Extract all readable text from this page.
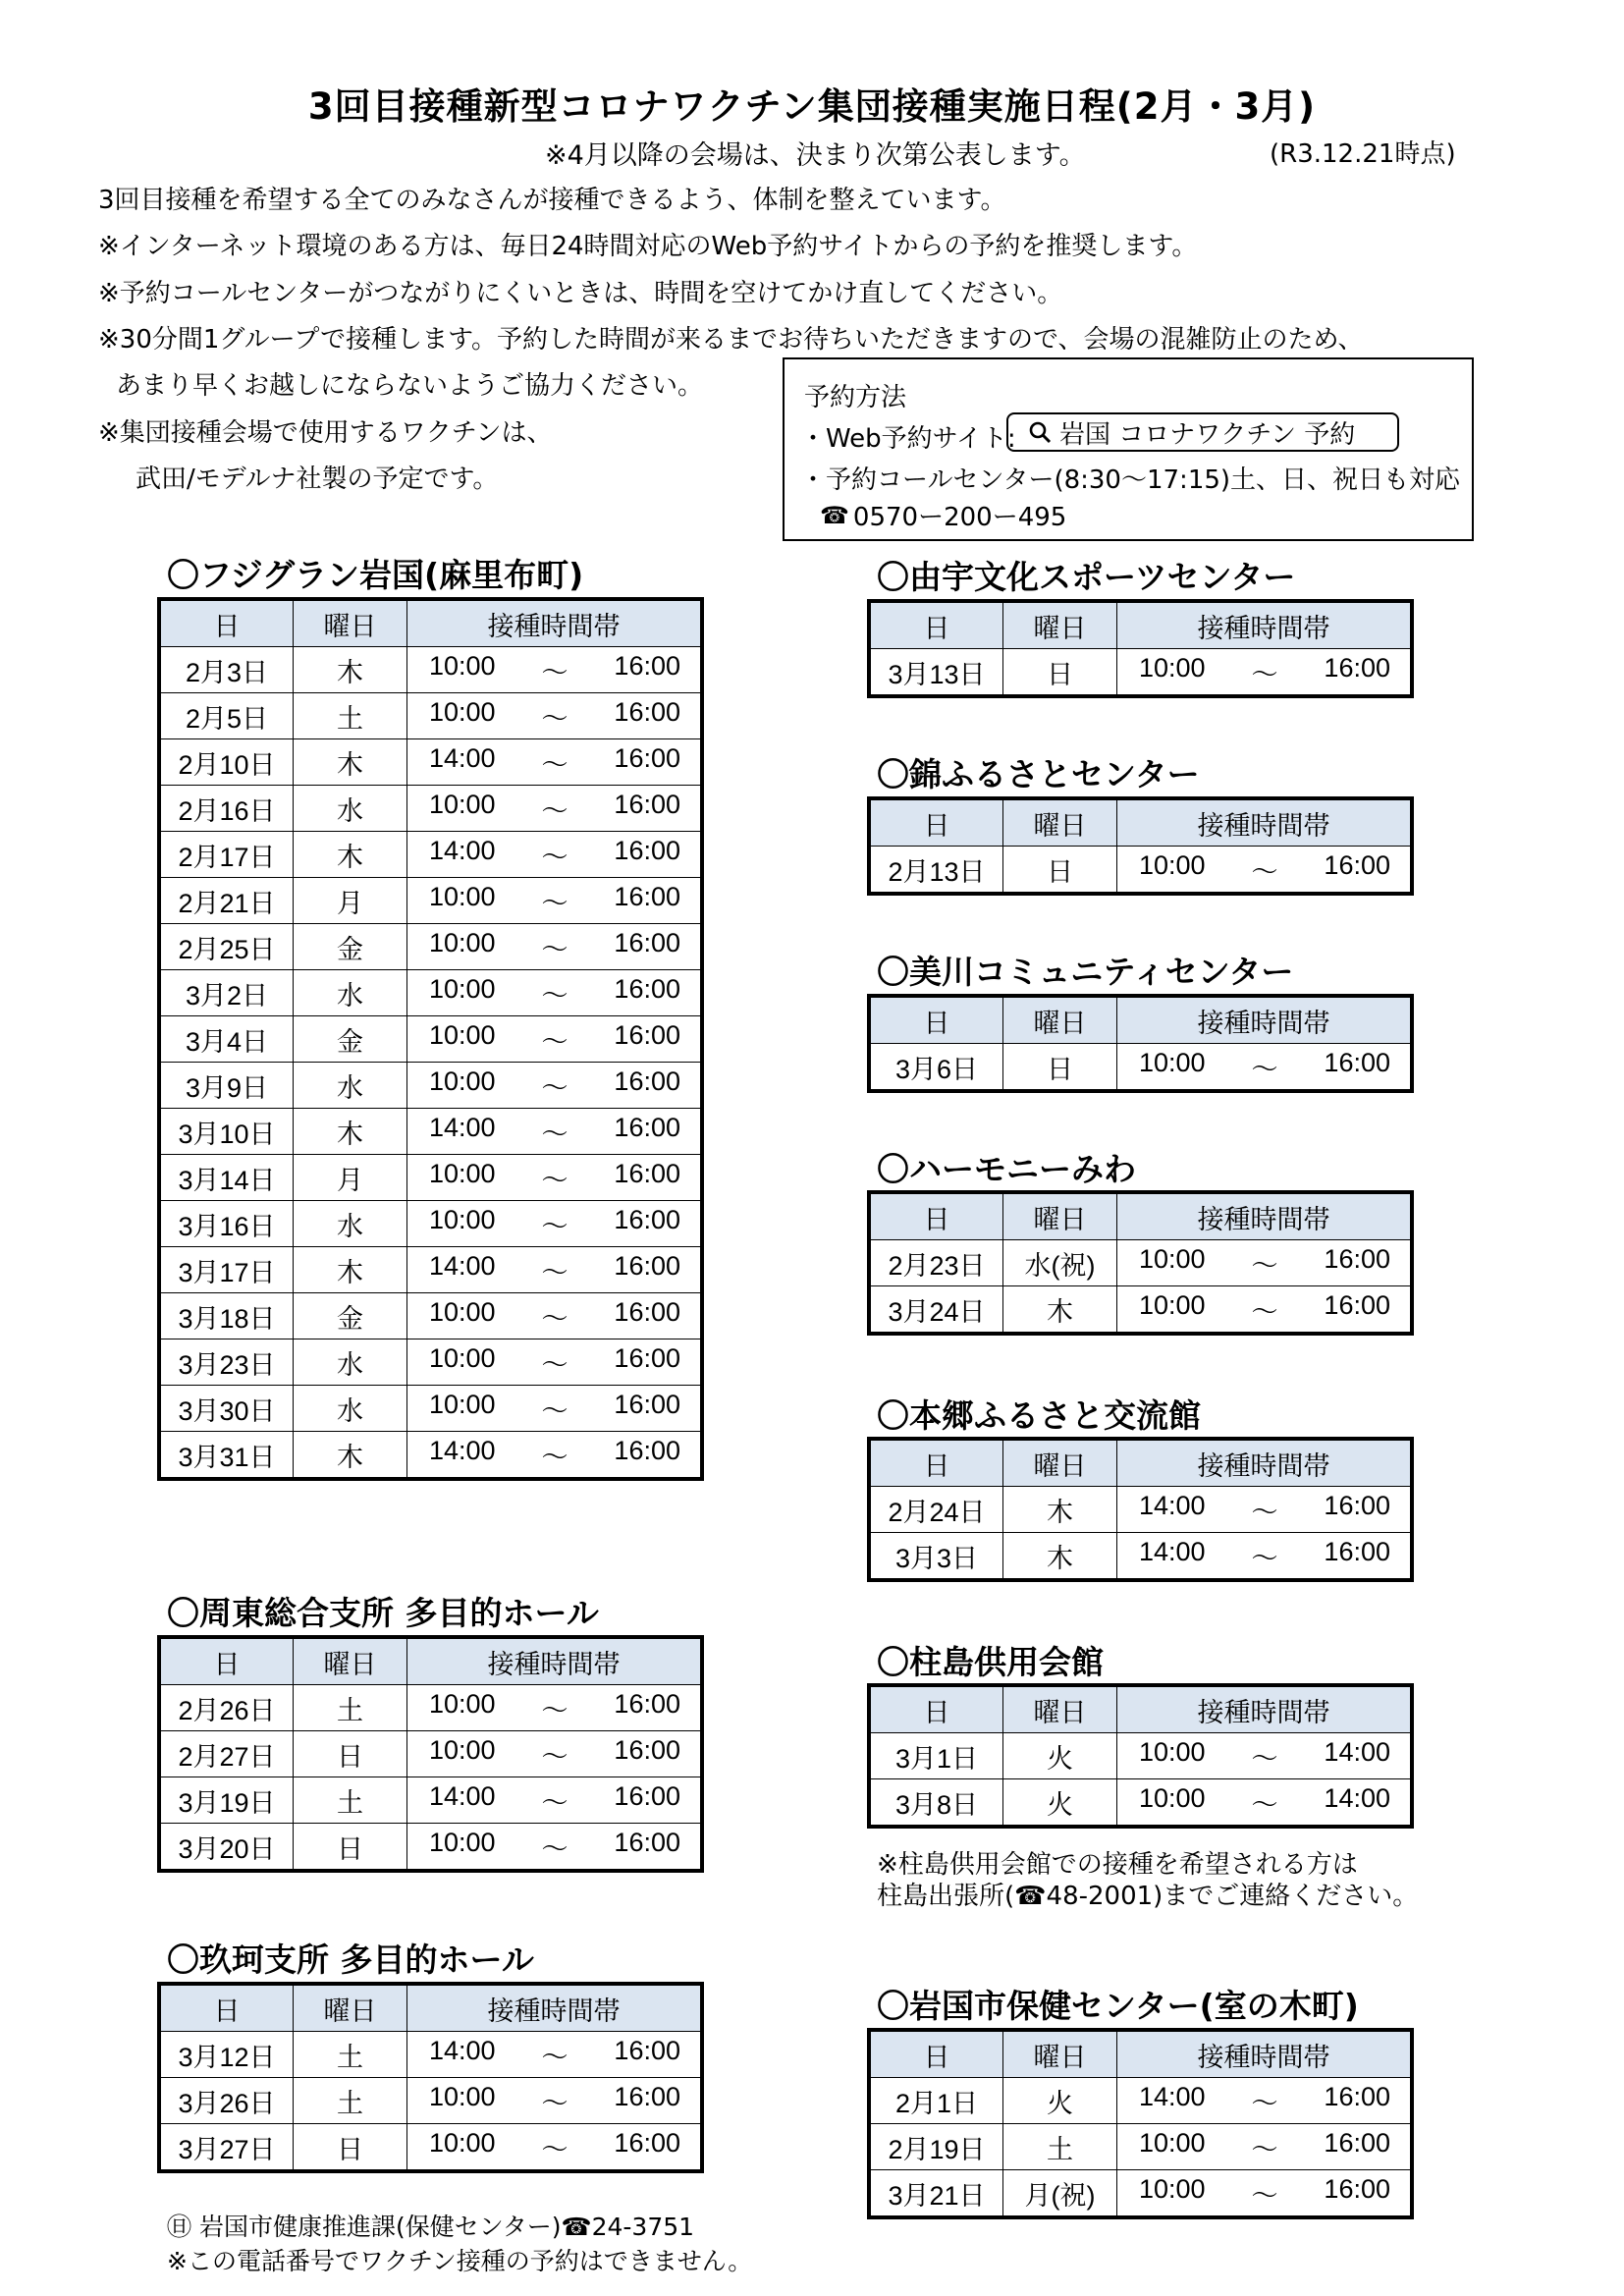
3回目接種新型コロナワクチン集団接種実施日程(2月・3月)
※4月以降の会場は、決まり次第公表します。	(R3.12.21時点)
3回目接種を希望する全てのみなさんが接種できるよう、体制を整えています。
※インターネット環境のある方は、毎日24時間対応のWeb予約サイトからの予約を推奨します。
※予約コールセンターがつながりにくいときは、時間を空けてかけ直してください。
※30分間1グループで接種します。予約した時間が来るまでお待ちいただきますので、会場の混雑防止のため、
あまり早くお越しにならないようご協力ください。
※集団接種会場で使用するワクチンは、
武田/モデルナ社製の予定です。
予約方法
・Web予約サイト: 岩国 コロナワクチン 予約
・予約コールセンター(8:30〜17:15)土、日、祝日も対応
☎ 0570ー200ー495
〇フジグラン岩国(麻里布町)
日	曜日	接種時間帯
2月3日	木	10:00 〜 16:00

2月5日	土	10:00 〜 16:00

2月10日	木	14:00 〜 16:00

2月16日	水	10:00 〜 16:00

2月17日	木	14:00 〜 16:00

2月21日	月	10:00 〜 16:00

2月25日	金	10:00 〜 16:00

3月2日	水	10:00 〜 16:00

3月4日	金	10:00 〜 16:00

3月9日	水	10:00 〜 16:00

3月10日	木	14:00 〜 16:00

3月14日	月	10:00 〜 16:00

3月16日	水	10:00 〜 16:00

3月17日	木	14:00 〜 16:00

3月18日	金	10:00 〜 16:00

3月23日	水	10:00 〜 16:00

3月30日	水	10:00 〜 16:00

3月31日	木	14:00 〜 16:00
〇周東総合支所 多目的ホール
日	曜日	接種時間帯
2月26日	土	10:00 〜 16:00

2月27日	日	10:00 〜 16:00

3月19日	土	14:00 〜 16:00

3月20日	日	10:00 〜 16:00
〇玖珂支所 多目的ホール
日	曜日	接種時間帯
3月12日	土	14:00 〜 16:00

3月26日	土	10:00 〜 16:00

3月27日	日	10:00 〜 16:00
〇由宇文化スポーツセンター
日	曜日	接種時間帯
3月13日	日	10:00 〜 16:00
〇錦ふるさとセンター
日	曜日	接種時間帯
2月13日	日	10:00 〜 16:00
〇美川コミュニティセンター
日	曜日	接種時間帯
3月6日	日	10:00 〜 16:00
〇ハーモニーみわ
日	曜日	接種時間帯
2月23日	水(祝)	10:00 〜 16:00

3月24日	木	10:00 〜 16:00
〇本郷ふるさと交流館
日	曜日	接種時間帯
2月24日	木	14:00 〜 16:00

3月3日	木	14:00 〜 16:00
〇柱島供用会館
日	曜日	接種時間帯
3月1日	火	10:00 〜 14:00

3月8日	火	10:00 〜 14:00
※柱島供用会館での接種を希望される方は
柱島出張所(☎48-2001)までご連絡ください。
〇岩国市保健センター(室の木町)
日	曜日	接種時間帯
2月1日	火	14:00 〜 16:00

2月19日	土	10:00 〜 16:00

3月21日	月(祝)	10:00 〜 16:00
㊐ 岩国市健康推進課(保健センター)☎24-3751
※この電話番号でワクチン接種の予約はできません。
